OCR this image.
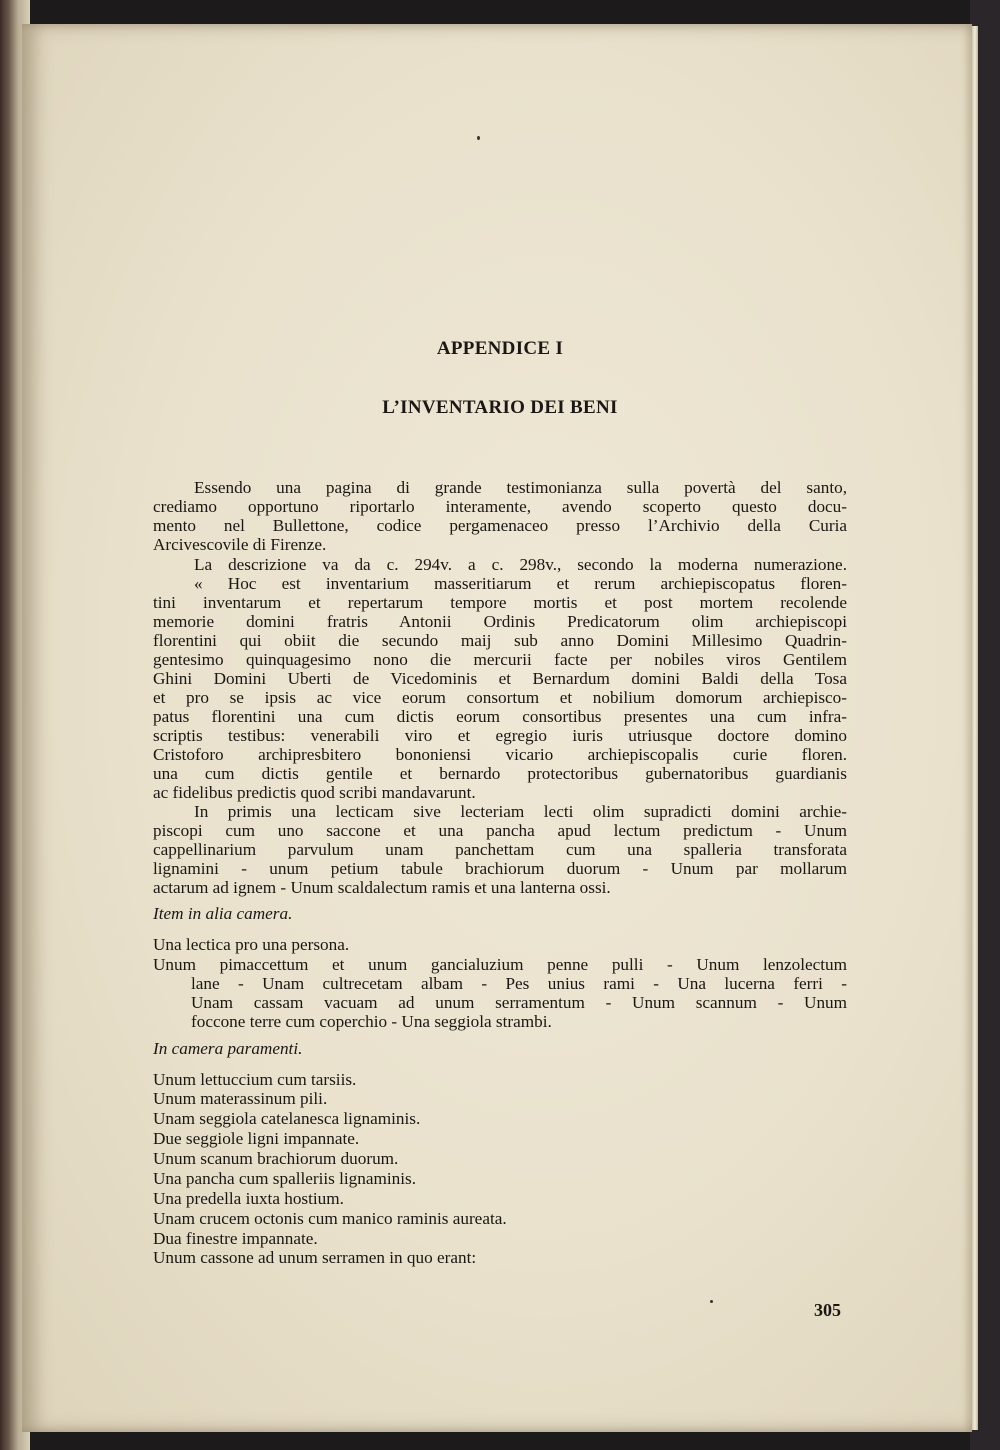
APPENDICE I
L’INVENTARIO DEI BENI
Essendo una pagina di grande testimonianza sulla povertà del santo,
crediamo opportuno riportarlo interamente, avendo scoperto questo docu-
mento nel Bullettone, codice pergamenaceo presso l’Archivio della Curia
Arcivescovile di Firenze.
La descrizione va da c. 294v. a c. 298v., secondo la moderna numerazione.
« Hoc est inventarium masseritiarum et rerum archiepiscopatus floren-
tini inventarum et repertarum tempore mortis et post mortem recolende
memorie domini fratris Antonii Ordinis Predicatorum olim archiepiscopi
florentini qui obiit die secundo maij sub anno Domini Millesimo Quadrin-
gentesimo quinquagesimo nono die mercurii facte per nobiles viros Gentilem
Ghini Domini Uberti de Vicedominis et Bernardum domini Baldi della Tosa
et pro se ipsis ac vice eorum consortum et nobilium domorum archiepisco-
patus florentini una cum dictis eorum consortibus presentes una cum infra-
scriptis testibus: venerabili viro et egregio iuris utriusque doctore domino
Cristoforo archipresbitero bononiensi vicario archiepiscopalis curie floren.
una cum dictis gentile et bernardo protectoribus gubernatoribus guardianis
ac fidelibus predictis quod scribi mandavarunt.
In primis una lecticam sive lecteriam lecti olim supradicti domini archie-
piscopi cum uno saccone et una pancha apud lectum predictum - Unum
cappellinarium parvulum unam panchettam cum una spalleria transforata
lignamini - unum petium tabule brachiorum duorum - Unum par mollarum
actarum ad ignem - Unum scaldalectum ramis et una lanterna ossi.
Item in alia camera.
Una lectica pro una persona.
Unum pimaccettum et unum gancialuzium penne pulli - Unum lenzolectum
lane - Unam cultrecetam albam - Pes unius rami - Una lucerna ferri -
Unam cassam vacuam ad unum serramentum - Unum scannum - Unum
foccone terre cum coperchio - Una seggiola strambi.
In camera paramenti.
Unum lettuccium cum tarsiis.
Unum materassinum pili.
Unam seggiola catelanesca lignaminis.
Due seggiole ligni impannate.
Unum scanum brachiorum duorum.
Una pancha cum spalleriis lignaminis.
Una predella iuxta hostium.
Unam crucem octonis cum manico raminis aureata.
Dua finestre impannate.
Unum cassone ad unum serramen in quo erant:
305
